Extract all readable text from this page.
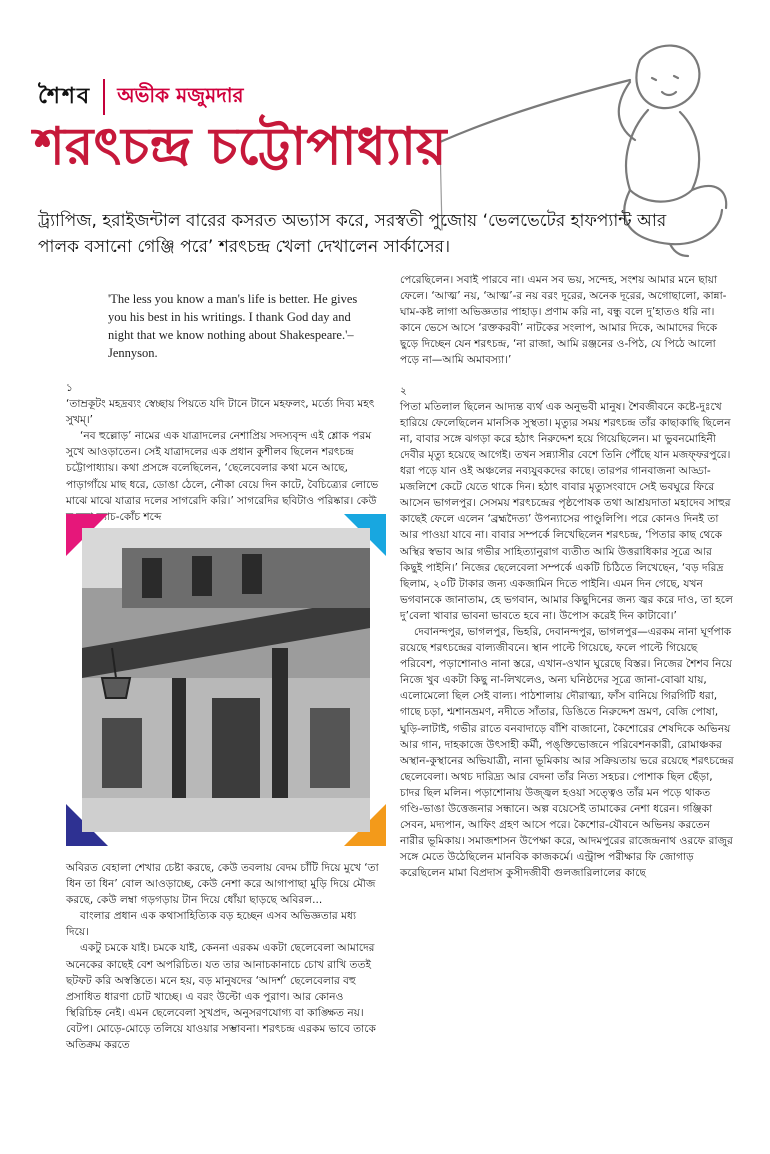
শৈশব অভীক মজুমদার
শরৎচন্দ্র চট্টোপাধ্যায়
ট্র্যাপিজ, হরাইজন্টাল বারের কসরত অভ্যাস করে, সরস্বতী পুজোয় ‘ভেলভেটের হাফপ্যান্ট আর পালক বসানো গেঞ্জি পরে’ শরৎচন্দ্র খেলা দেখালেন সার্কাসের।
'The less you know a man's life is better. He gives you his best in his writings. I thank God day and night that we know nothing about Shakespeare.'–Jennyson.

১

‘তাম্রকূটং মহদ্রব্যং স্বেচ্ছায় পিয়তে যদি টানে টানে মহফলং, মর্ত্যে দিব্য মহৎ সুখম্।’

‘নব হুল্লোড়’ নামের এক যাত্রাদলের নেশাপ্রিয় সদস্যবৃন্দ এই শ্লোক পরম সুখে আওড়াতেন। সেই যাত্রাদলের এক প্রধান কুশীলব ছিলেন শরৎচন্দ্র চট্টোপাধ্যায়। কথা প্রসঙ্গে বলেছিলেন, ‘ছেলেবেলার কথা মনে আছে, পাড়াগাঁয়ে মাছ ধরে, ডোঙা ঠেলে, নৌকা বেয়ে দিন কাটে, বৈচিত্র্যের লোভে মাঝে মাঝে যাত্রার দলের সাগরেদি করি।’ সাগরেদির ছবিটাও পরিষ্কার। কেউ হয়তো ক্যাচ-কোঁচ শব্দে

অবিরত বেহালা শেখার চেষ্টা করছে, কেউ তবলায় বেদম চাঁটি দিয়ে মুখে ‘তা ধিন তা ধিন’ বোল আওড়াচ্ছে, কেউ নেশা করে আগাপাছা মুড়ি দিয়ে মৌজ করছে, কেউ লম্বা গড়গড়ায় টান দিয়ে ধোঁয়া ছাড়ছে অবিরল...

বাংলার প্রধান এক কথাসাহিত্যিক বড় হচ্ছেন এসব অভিজ্ঞতার মধ্য দিয়ে।

একটু চমকে যাই। চমকে যাই, কেননা এরকম একটা ছেলেবেলা আমাদের অনেকের কাছেই বেশ অপরিচিত। যত তার আনাচকানাচে চোখ রাখি ততই ছটফট করি অস্বস্তিতে। মনে হয়, বড় মানুষদের ‘আদর্শ’ ছেলেবেলার বহু প্রসাধিত ধারণা চোট খাচ্ছে। এ বরং উল্টো এক পুরাণ। আর কোনও স্থিরিচিহ্ন নেই। এমন ছেলেবেলা সুখপ্রদ, অনুসরণযোগ্য বা কাঙ্ক্ষিত নয়। বেটপ। মোড়ে-মোড়ে তলিয়ে যাওয়ার সম্ভাবনা। শরৎচন্দ্র এরকম ভাবে তাকে অতিক্রম করতে

পেরেছিলেন। সবাই পারবে না। এমন সব ভয়, সন্দেহ, সংশয় আমার মনে ছায়া ফেলে। ‘আত্ম’ নয়, ‘আত্ম’-র নয় বরং দূরের, অনেক দূরের, অগোছালো, কান্না-ঘাম-কষ্ট লাগা অভিজ্ঞতার পাহাড়। প্রণাম করি না, বন্ধু বলে দু’হাতও ধরি না। কানে ভেসে আসে ‘রক্তকরবী’ নাটকের সংলাপ, আমার দিকে, আমাদের দিকে ছুড়ে দিচ্ছেন যেন শরৎচন্দ্র, ‘না রাজা, আমি রঞ্জনের ও-পিঠ, যে পিঠে আলো পড়ে না—আমি অমাবস্যা।’

২

পিতা মতিলাল ছিলেন আদ্যন্ত ব্যর্থ এক অনুভবী মানুষ। শৈবজীবনে কষ্টে-দুঃখে হারিয়ে ফেলেছিলেন মানসিক সুস্থতা। মৃত্যুর সময় শরৎচন্দ্র তাঁর কাছাকাছি ছিলেন না, বাবার সঙ্গে ঝগড়া করে হঠাৎ নিরুদ্দেশ হয়ে গিয়েছিলেন। মা ভুবনমোহিনী দেবীর মৃত্যু হয়েছে আগেই। তখন সন্ন্যাসীর বেশে তিনি পৌঁছে যান মজফ্ফরপুরে। ধরা পড়ে যান ওই অঞ্চলের নব্যযুবকদের কাছে। তারপর গানবাজনা আড্ডা-মজলিশে কেটে যেতে থাকে দিন। হঠাৎ বাবার মৃত্যুসংবাদে সেই ভবঘুরে ফিরে আসেন ভাগলপুর। সেসময় শরৎচন্দ্রের পৃষ্ঠপোষক তথা আশ্রয়দাতা মহাদেব সাহুর কাছেই ফেলে এলেন ‘ব্রহ্মদৈত্য’ উপন্যাসের পাণ্ডুলিপি। পরে কোনও দিনই তা আর পাওয়া যাবে না। বাবার সম্পর্কে লিখেছিলেন শরৎচন্দ্র, ‘পিতার কাছ থেকে অস্থির স্বভাব আর গভীর সাহিত্যানুরাগ ব্যতীত আমি উত্তরাধিকার সূত্রে আর কিছুই পাইনি।’ নিজের ছেলেবেলা সম্পর্কে একটি চিঠিতে লিখেছেন, ‘বড় দরিদ্র ছিলাম, ২০টি টাকার জন্য একজামিন দিতে পাইনি। এমন দিন গেছে, যখন ভগবানকে জানাতাম, হে ভগবান, আমার কিছুদিনের জন্য জ্বর করে দাও, তা হলে দু’বেলা খাবার ভাবনা ভাবতে হবে না। উপোস করেই দিন কাটাবো।’

দেবানন্দপুর, ভাগলপুর, ভিহরি, দেবানন্দপুর, ভাগলপুর—এরকম নানা ঘূর্ণপাক রয়েছে শরৎচন্দ্রের বাল্যজীবনে। স্থান পাল্টে গিয়েছে, ফলে পাল্টে গিয়েছে পরিবেশ, পড়াশোনাও নানা স্তরে, এখান-ওখান ঘুরেছে বিস্তর। নিজের শৈশব নিয়ে নিজে খুব একটা কিছু না-লিখলেও, অন্য ঘনিষ্ঠদের সূত্রে জানা-বোঝা যায়, এলোমেলো ছিল সেই বাল্য। পাঠশালায় দৌরাত্ম্য, ফাঁস বানিয়ে গিরগিটি ধরা, গাছে চড়া, শ্মশানভ্রমণ, নদীতে সাঁতার, ডিঙিতে নিরুদ্দেশ ভ্রমণ, বেজি পোষা, ঘুড়ি-লাটাই, গভীর রাতে বনবাদাড়ে বাঁশি বাজানো, কৈশোরের শেষদিকে অভিনয় আর গান, দাহকাজে উৎসাহী কর্মী, পঙ্‌ক্তিভোজনে পরিবেশনকারী, রোমাঞ্চকর অস্থান-কুস্থানের অভিযাত্রী, নানা ভূমিকায় আর সক্রিয়তায় ভরে রয়েছে শরৎচন্দ্রের ছেলেবেলা। অথচ দারিদ্র্য আর বেদনা তাঁর নিত্য সহচর। পোশাক ছিল ছেঁড়া, চাদর ছিল মলিন। পড়াশোনায় উজ্জ্বল হওয়া সত্ত্বেও তাঁর মন পড়ে থাকত গণ্ডি-ভাঙা উত্তেজনার সন্ধানে। অল্প বয়েসেই তামাকের নেশা ধরেন। গঞ্জিকা সেবন, মদ্যপান, আফিং গ্রহণ আসে পরে। কৈশোর-যৌবনে অভিনয় করতেন নারীর ভূমিকায়। সমাজশাসন উপেক্ষা করে, আদমপুরের রাজেন্দ্রনাথ ওরফে রাজুর সঙ্গে মেতে উঠেছিলেন মানবিক কাজকর্মে। এন্ট্রান্স পরীক্ষার ফি জোগাড় করেছিলেন মামা বিপ্রদাস কুসীদজীবী গুলজারিলালের কাছে
